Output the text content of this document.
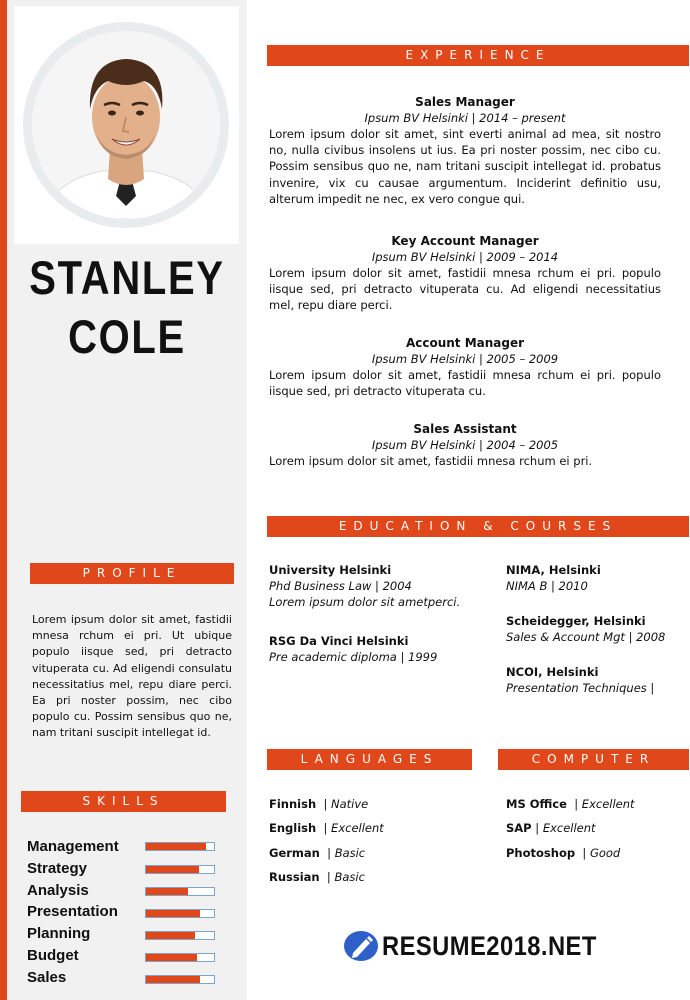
STANLEY
COLE
PROFILE
Lorem ipsum dolor sit amet, fastidii mnesa rchum ei pri. Ut ubique populo iisque sed, pri detracto vituperata cu. Ad eligendi consulatu necessitatius mel, repu diare perci. Ea pri noster possim, nec cibo populo cu. Possim sensibus quo ne, nam tritani suscipit intellegat id.
SKILLS
Management
Strategy
Analysis
Presentation
Planning
Budget
Sales
EXPERIENCE
Sales Manager
Ipsum BV Helsinki | 2014 – present
Lorem ipsum dolor sit amet, sint everti animal ad mea, sit nostro no, nulla civibus insolens ut ius. Ea pri noster possim, nec cibo cu. Possim sensibus quo ne, nam tritani suscipit intellegat id. probatus invenire, vix cu causae argumentum. Inciderint definitio usu, alterum impedit ne nec, ex vero congue qui.
Key Account Manager
Ipsum BV Helsinki | 2009 – 2014
Lorem ipsum dolor sit amet, fastidii mnesa rchum ei pri. populo iisque sed, pri detracto vituperata cu. Ad eligendi necessitatius mel, repu diare perci.
Account Manager
Ipsum BV Helsinki | 2005 – 2009
Lorem ipsum dolor sit amet, fastidii mnesa rchum ei pri. populo iisque sed, pri detracto vituperata cu.
Sales Assistant
Ipsum BV Helsinki | 2004 – 2005
Lorem ipsum dolor sit amet, fastidii mnesa rchum ei pri.
EDUCATION & COURSES
University Helsinki
Phd Business Law | 2004
Lorem ipsum dolor sit ametperci.
RSG Da Vinci Helsinki
Pre academic diploma | 1999
NIMA, Helsinki
NIMA B | 2010
Scheidegger, Helsinki
Sales & Account Mgt | 2008
NCOI, Helsinki
Presentation Techniques |
LANGUAGES
Finnish  | Native
English  | Excellent
German  | Basic
Russian  | Basic
COMPUTER
MS Office  | Excellent
SAP | Excellent
Photoshop  | Good
RESUME2018.NET
